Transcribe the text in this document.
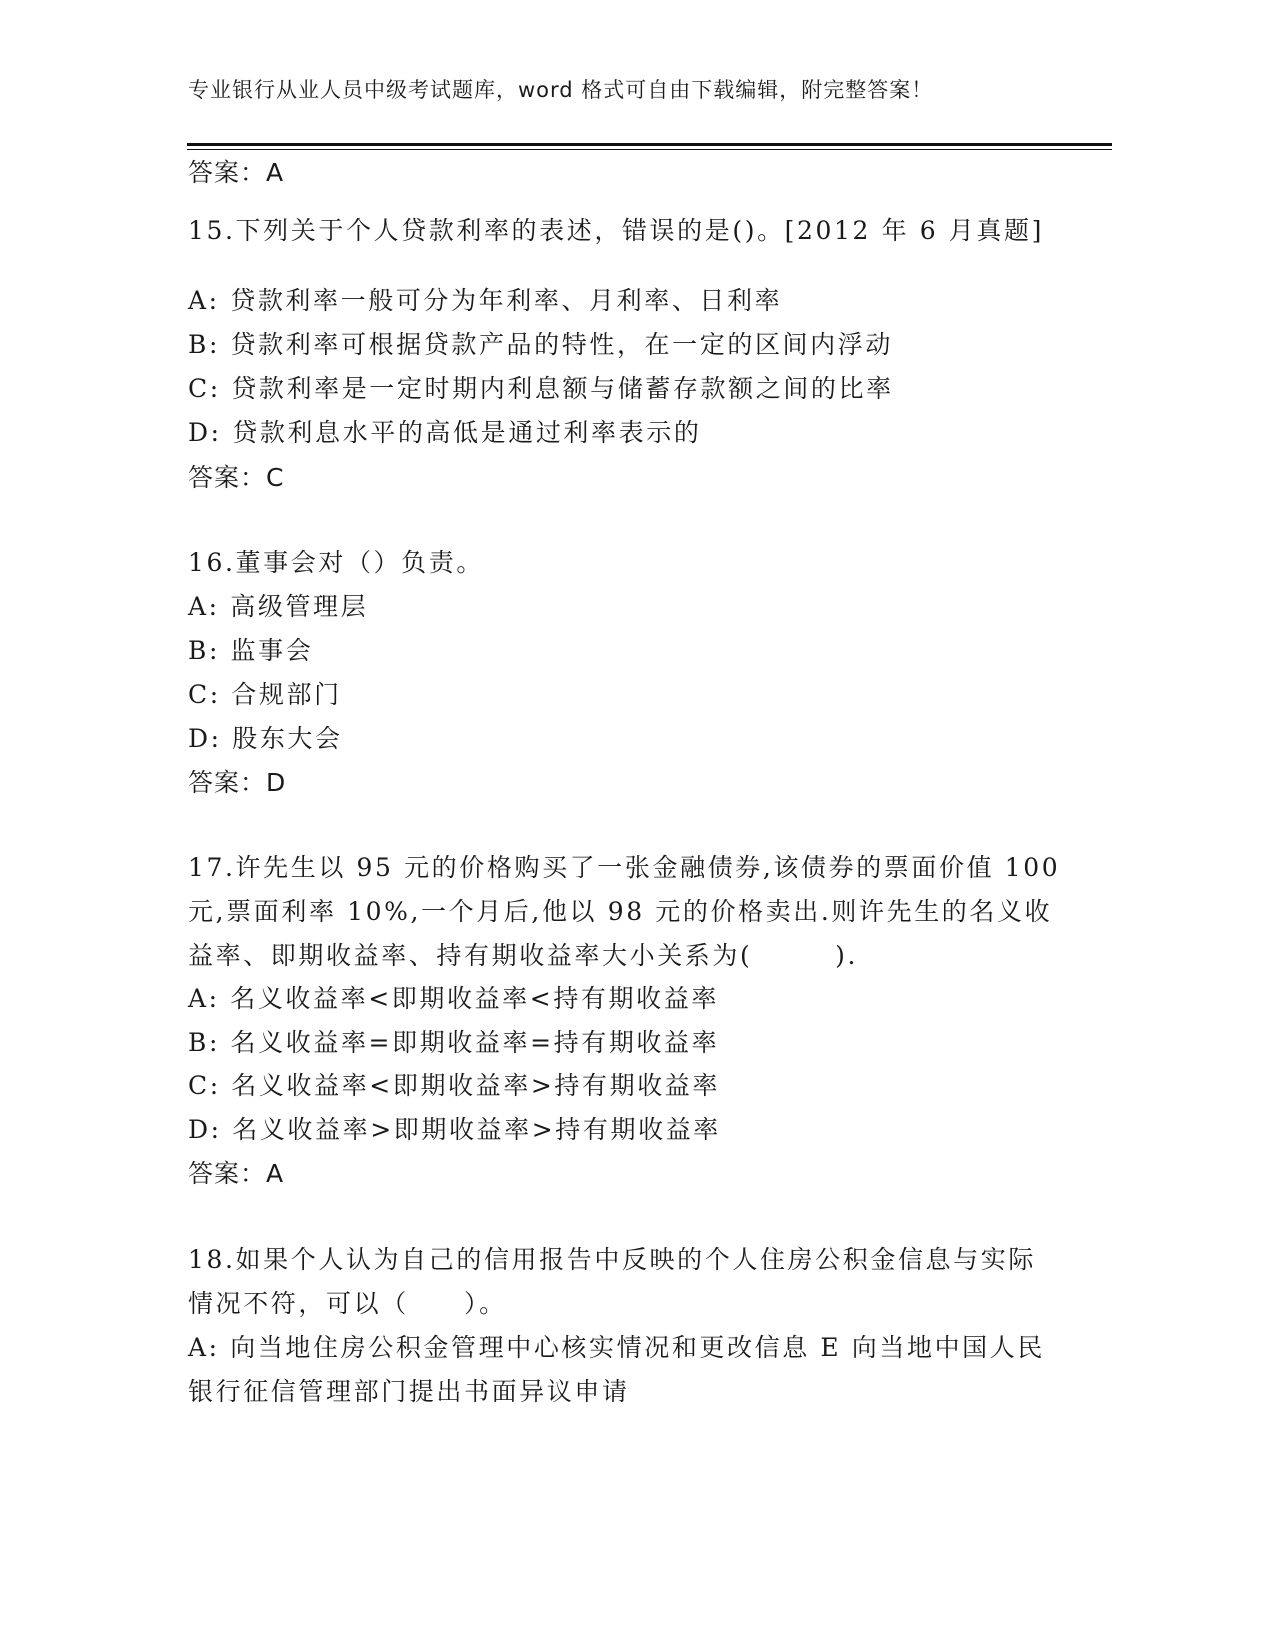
专业银行从业人员中级考试题库，word 格式可自由下载编辑，附完整答案！
答案：A
15.下列关于个人贷款利率的表述，错误的是()。[2012 年 6 月真题]
A: 贷款利率一般可分为年利率、月利率、日利率
B: 贷款利率可根据贷款产品的特性，在一定的区间内浮动
C: 贷款利率是一定时期内利息额与储蓄存款额之间的比率
D: 贷款利息水平的高低是通过利率表示的
答案：C
16.董事会对（）负责。
A: 高级管理层
B: 监事会
C: 合规部门
D: 股东大会
答案：D
17.许先生以 95 元的价格购买了一张金融债券,该债券的票面价值 100
元,票面利率 10%,一个月后,他以 98 元的价格卖出.则许先生的名义收
益率、即期收益率、持有期收益率大小关系为(　　　).
A: 名义收益率<即期收益率<持有期收益率
B: 名义收益率=即期收益率=持有期收益率
C: 名义收益率<即期收益率>持有期收益率
D: 名义收益率>即期收益率>持有期收益率
答案：A
18.如果个人认为自己的信用报告中反映的个人住房公积金信息与实际
情况不符，可以（　　）。
A: 向当地住房公积金管理中心核实情况和更改信息 E 向当地中国人民
银行征信管理部门提出书面异议申请
